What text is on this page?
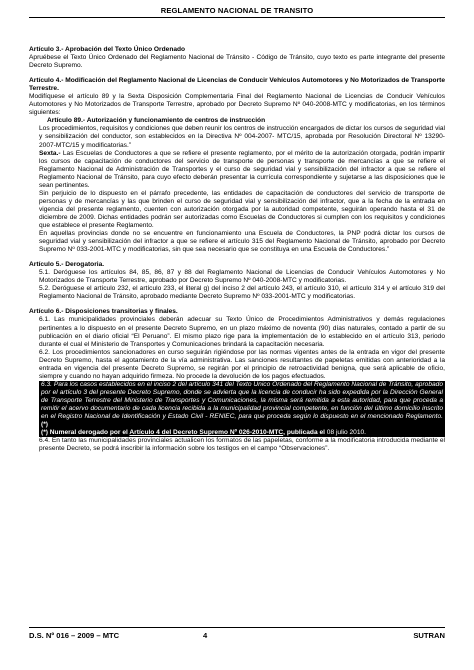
REGLAMENTO NACIONAL DE TRANSITO

Artículo 3.- Aprobación del Texto Único Ordenado

Apruébese el Texto Único Ordenado del Reglamento Nacional de Tránsito - Código de Tránsito, cuyo texto es parte integrante del presente Decreto Supremo.

Artículo 4.- Modificación del Reglamento Nacional de Licencias de Conducir Vehículos Automotores y No Motorizados de Transporte Terrestre.

Modifíquese el artículo 89 y la Sexta Disposición Complementaria Final del Reglamento Nacional de Licencias de Conducir Vehículos Automotores y No Motorizados de Transporte Terrestre, aprobado por Decreto Supremo Nº 040-2008-MTC y modificatorias, en los términos siguientes:

Artículo 89.- Autorización y funcionamiento de centros de instrucción

Los procedimientos, requisitos y condiciones que deben reunir los centros de instrucción encargados de dictar los cursos de seguridad vial y sensibilización del conductor, son establecidos en la Directiva Nº 004-2007- MTC/15, aprobada por Resolución Directoral Nº 13290-2007-MTC/15 y modificatorias.”

Sexta.- Las Escuelas de Conductores a que se refiere el presente reglamento, por el mérito de la autorización otorgada, podrán impartir los cursos de capacitación de conductores del servicio de transporte de personas y transporte de mercancías a que se refiere el Reglamento Nacional de Administración de Transportes y el curso de seguridad vial y sensibilización del infractor a que se refiere el Reglamento Nacional de Tránsito, para cuyo efecto deberán presentar la currícula correspondiente y sujetarse a las disposiciones que le sean pertinentes.

Sin perjuicio de lo dispuesto en el párrafo precedente, las entidades de capacitación de conductores del servicio de transporte de personas y de mercancías y las que brinden el curso de seguridad vial y sensibilización del infractor, que a la fecha de la entrada en vigencia del presente reglamento, cuenten con autorización otorgada por la autoridad competente, seguirán operando hasta el 31 de diciembre de 2009. Dichas entidades podrán ser autorizadas como Escuelas de Conductores si cumplen con los requisitos y condiciones que establece el presente Reglamento.

En aquellas provincias donde no se encuentre en funcionamiento una Escuela de Conductores, la PNP podrá dictar los cursos de seguridad vial y sensibilización del infractor a que se refiere el artículo 315 del Reglamento Nacional de Tránsito, aprobado por Decreto Supremo Nº 033-2001-MTC y modificatorias, sin que sea necesario que se constituya en una Escuela de Conductores.”

Artículo 5.- Derogatoria.

5.1. Deróguese los artículos 84, 85, 86, 87 y 88 del Reglamento Nacional de Licencias de Conducir Vehículos Automotores y No Motorizados de Transporte Terrestre, aprobado por Decreto Supremo Nº 040-2008-MTC y modificatorias.

5.2. Deróguese el artículo 232, el artículo 233, el literal g) del inciso 2 del artículo 243, el artículo 310, el artículo 314 y el artículo 319 del Reglamento Nacional de Tránsito, aprobado mediante Decreto Supremo Nº 033-2001-MTC y modificatorias.

Artículo 6.- Disposiciones transitorias y finales.

6.1. Las municipalidades provinciales deberán adecuar su Texto Único de Procedimientos Administrativos y demás regulaciones pertinentes a lo dispuesto en el presente Decreto Supremo, en un plazo máximo de noventa (90) días naturales, contado a partir de su publicación en el diario oficial “El Peruano”. El mismo plazo rige para la implementación de lo establecido en el artículo 313, periodo durante el cual el Ministerio de Transportes y Comunicaciones brindará la capacitación necesaria.

6.2. Los procedimientos sancionadores en curso seguirán rigiéndose por las normas vigentes antes de la entrada en vigor del presente Decreto Supremo, hasta el agotamiento de la vía administrativa. Las sanciones resultantes de papeletas emitidas con anterioridad a la entrada en vigencia del presente Decreto Supremo, se regirán por el principio de retroactividad benigna, que será aplicable de oficio, siempre y cuando no hayan adquirido firmeza. No procede la devolución de los pagos efectuados.

6.3. Para los casos establecidos en el inciso 2 del artículo 341 del Texto Único Ordenado del Reglamento Nacional de Tránsito, aprobado por el artículo 3 del presente Decreto Supremo, donde se advierta que la licencia de conducir ha sido expedida por la Dirección General de Transporte Terrestre del Ministerio de Transportes y Comunicaciones, la misma será remitida a esta autoridad, para que proceda a remitir el acervo documentario de cada licencia recibida a la municipalidad provincial competente, en función del último domicilio inscrito en el Registro Nacional de Identificación y Estado Civil - RENIEC, para que proceda según lo dispuesto en el mencionado Reglamento. (*)

(*) Numeral derogado por el Artículo 4 del Decreto Supremo Nº 026-2010-MTC, publicada el 08 julio 2010.

6.4. En tanto las municipalidades provinciales actualicen los formatos de las papeletas, conforme a la modificatoria introducida mediante el presente Decreto, se podrá inscribir la información sobre los testigos en el campo “Observaciones”.

D.S. Nº 016 – 2009 – MTC	4	SUTRAN
